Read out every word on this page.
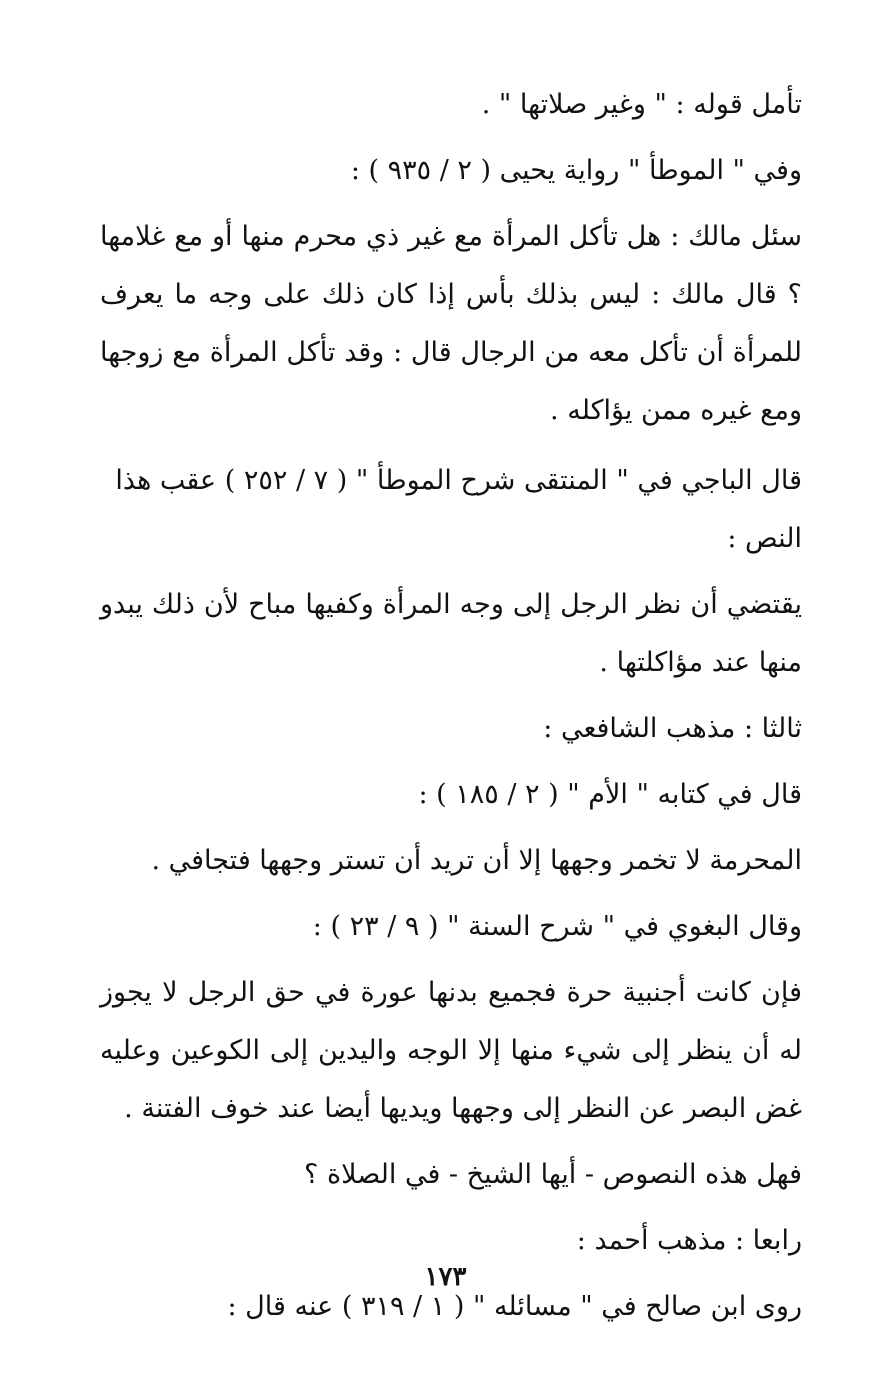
تأمل قوله : " وغير صلاتها " .

وفي " الموطأ " رواية يحيى ( ٢ / ٩٣٥ ) :

سئل مالك : هل تأكل المرأة مع غير ذي محرم منها أو مع غلامها ؟ قال مالك : ليس بذلك بأس إذا كان ذلك على وجه ما يعرف للمرأة أن تأكل معه من الرجال قال : وقد تأكل المرأة مع زوجها ومع غيره ممن يؤاكله .

قال الباجي في " المنتقى شرح الموطأ " ( ٧ / ٢٥٢ ) عقب هذا النص :

يقتضي أن نظر الرجل إلى وجه المرأة وكفيها مباح لأن ذلك يبدو منها عند مؤاكلتها .

ثالثا : مذهب الشافعي :

قال في كتابه " الأم " ( ٢ / ١٨٥ ) :

المحرمة لا تخمر وجهها إلا أن تريد أن تستر وجهها فتجافي .

وقال البغوي في " شرح السنة " ( ٩ / ٢٣ ) :

فإن كانت أجنبية حرة فجميع بدنها عورة في حق الرجل لا يجوز له أن ينظر إلى شيء منها إلا الوجه واليدين إلى الكوعين وعليه غض البصر عن النظر إلى وجهها ويديها أيضا عند خوف الفتنة .

فهل هذه النصوص - أيها الشيخ - في الصلاة ؟

رابعا : مذهب أحمد :

روى ابن صالح في " مسائله " ( ١ / ٣١٩ ) عنه قال :

١٧٣
